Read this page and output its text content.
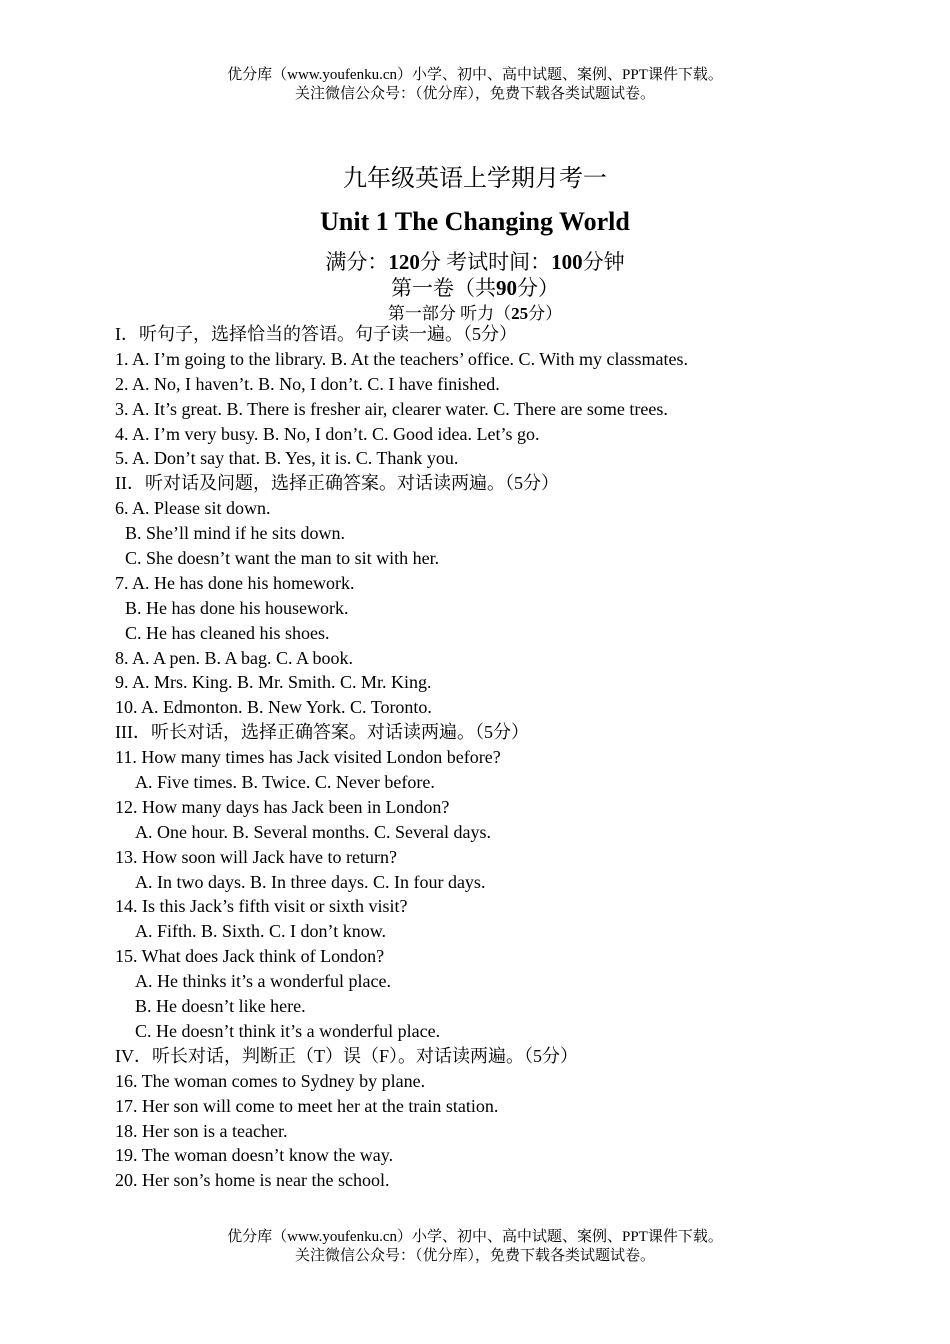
优分库（www.youfenku.cn）小学、初中、高中试题、案例、PPT课件下载。
关注微信公众号：（优分库），免费下载各类试题试卷。
九年级英语上学期月考一
Unit 1 The Changing World
满分：120分 考试时间：100分钟
第一卷（共90分）
第一部分 听力（25分）
I．听句子，选择恰当的答语。句子读一遍。（5分）
1. A. I’m going to the library. B. At the teachers’ office. C. With my classmates.
2. A. No, I haven’t. B. No, I don’t. C. I have finished.
3. A. It’s great. B. There is fresher air, clearer water. C. There are some trees.
4. A. I’m very busy. B. No, I don’t. C. Good idea. Let’s go.
5. A. Don’t say that. B. Yes, it is. C. Thank you.
II．听对话及问题，选择正确答案。对话读两遍。（5分）
6. A. Please sit down.
B. She’ll mind if he sits down.
C. She doesn’t want the man to sit with her.
7. A. He has done his homework.
B. He has done his housework.
C. He has cleaned his shoes.
8. A. A pen. B. A bag. C. A book.
9. A. Mrs. King. B. Mr. Smith. C. Mr. King.
10. A. Edmonton. B. New York. C. Toronto.
III．听长对话，选择正确答案。对话读两遍。（5分）
11. How many times has Jack visited London before?
A. Five times. B. Twice. C. Never before.
12. How many days has Jack been in London?
A. One hour. B. Several months. C. Several days.
13. How soon will Jack have to return?
A. In two days. B. In three days. C. In four days.
14. Is this Jack’s fifth visit or sixth visit?
A. Fifth. B. Sixth. C. I don’t know.
15. What does Jack think of London?
A. He thinks it’s a wonderful place.
B. He doesn’t like here.
C. He doesn’t think it’s a wonderful place.
IV．听长对话，判断正（T）误（F）。对话读两遍。（5分）
16. The woman comes to Sydney by plane.
17. Her son will come to meet her at the train station.
18. Her son is a teacher.
19. The woman doesn’t know the way.
20. Her son’s home is near the school.
优分库（www.youfenku.cn）小学、初中、高中试题、案例、PPT课件下载。
关注微信公众号：（优分库），免费下载各类试题试卷。
